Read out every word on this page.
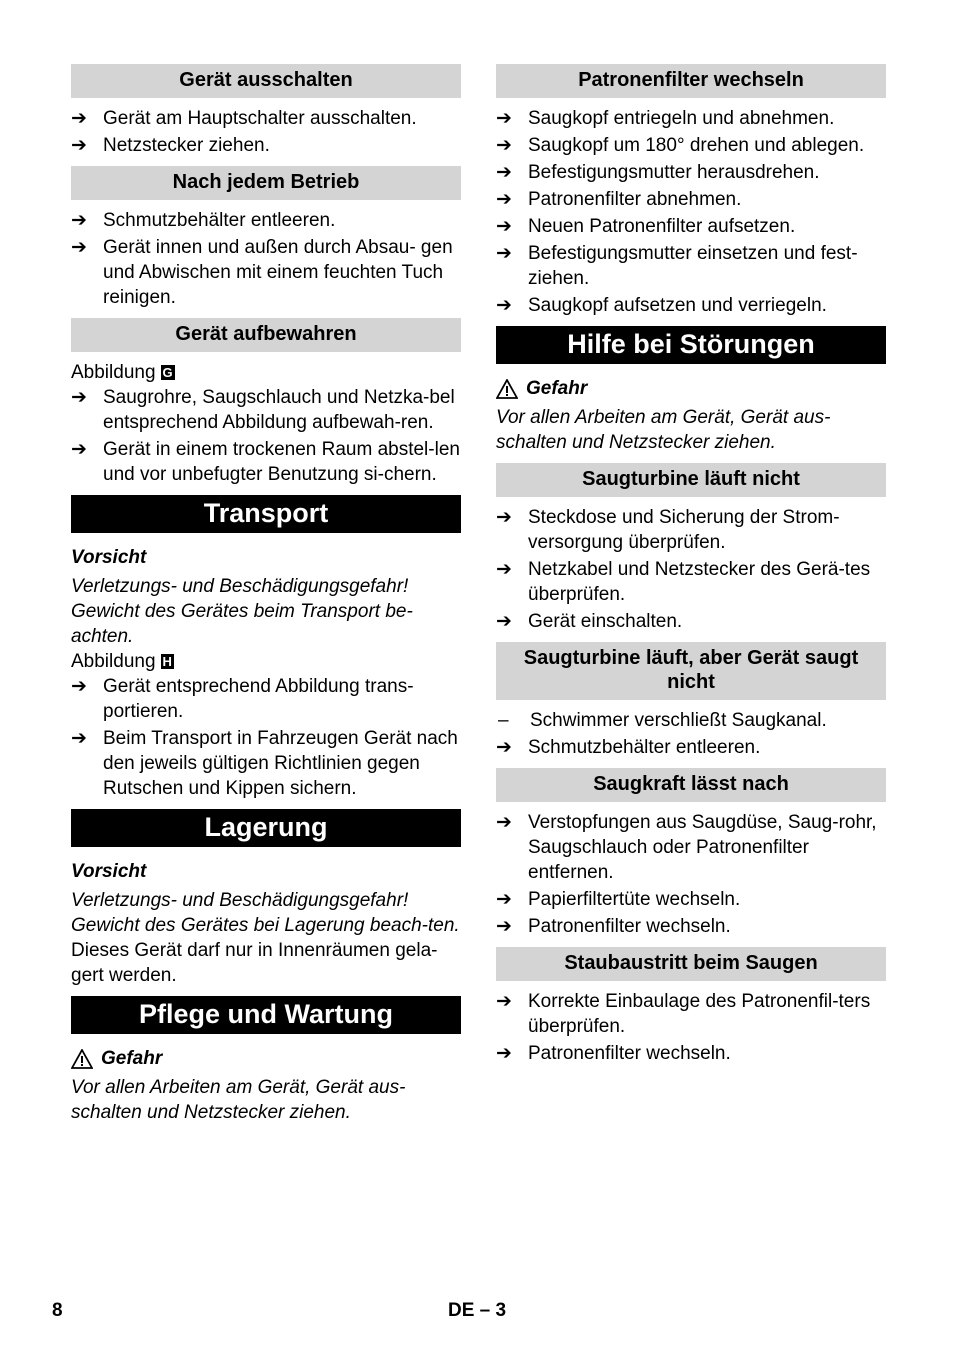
Gerät ausschalten
➔ Gerät am Hauptschalter ausschalten.
➔ Netzstecker ziehen.
Nach jedem Betrieb
➔ Schmutzbehälter entleeren.
➔ Gerät innen und außen durch Absau- gen und Abwischen mit einem feuchten Tuch reinigen.
Gerät aufbewahren
Abbildung G
➔ Saugrohre, Saugschlauch und Netzka-bel entsprechend Abbildung aufbewah-ren.
➔ Gerät in einem trockenen Raum abstel-len und vor unbefugter Benutzung si-chern.
Transport
Vorsicht
Verletzungs- und Beschädigungsgefahr! Gewicht des Gerätes beim Transport be-achten.
Abbildung H
➔ Gerät entsprechend Abbildung trans-portieren.
➔ Beim Transport in Fahrzeugen Gerät nach den jeweils gültigen Richtlinien gegen Rutschen und Kippen sichern.
Lagerung
Vorsicht
Verletzungs- und Beschädigungsgefahr! Gewicht des Gerätes bei Lagerung beach-ten.
Dieses Gerät darf nur in Innenräumen gela-gert werden.
Pflege und Wartung
Gefahr
Vor allen Arbeiten am Gerät, Gerät aus-schalten und Netzstecker ziehen.
Patronenfilter wechseln
➔ Saugkopf entriegeln und abnehmen.
➔ Saugkopf um 180° drehen und ablegen.
➔ Befestigungsmutter herausdrehen.
➔ Patronenfilter abnehmen.
➔ Neuen Patronenfilter aufsetzen.
➔ Befestigungsmutter einsetzen und fest-ziehen.
➔ Saugkopf aufsetzen und verriegeln.
Hilfe bei Störungen
Gefahr
Vor allen Arbeiten am Gerät, Gerät aus-schalten und Netzstecker ziehen.
Saugturbine läuft nicht
➔ Steckdose und Sicherung der Strom-versorgung überprüfen.
➔ Netzkabel und Netzstecker des Gerä-tes überprüfen.
➔ Gerät einschalten.
Saugturbine läuft, aber Gerät saugt nicht
–	Schwimmer verschließt Saugkanal.
➔ Schmutzbehälter entleeren.
Saugkraft lässt nach
➔ Verstopfungen aus Saugdüse, Saug-rohr, Saugschlauch oder Patronenfilter entfernen.
➔ Papierfiltertüte wechseln.
➔ Patronenfilter wechseln.
Staubaustritt beim Saugen
➔ Korrekte Einbaulage des Patronenfil-ters überprüfen.
➔ Patronenfilter wechseln.
8	DE – 3
